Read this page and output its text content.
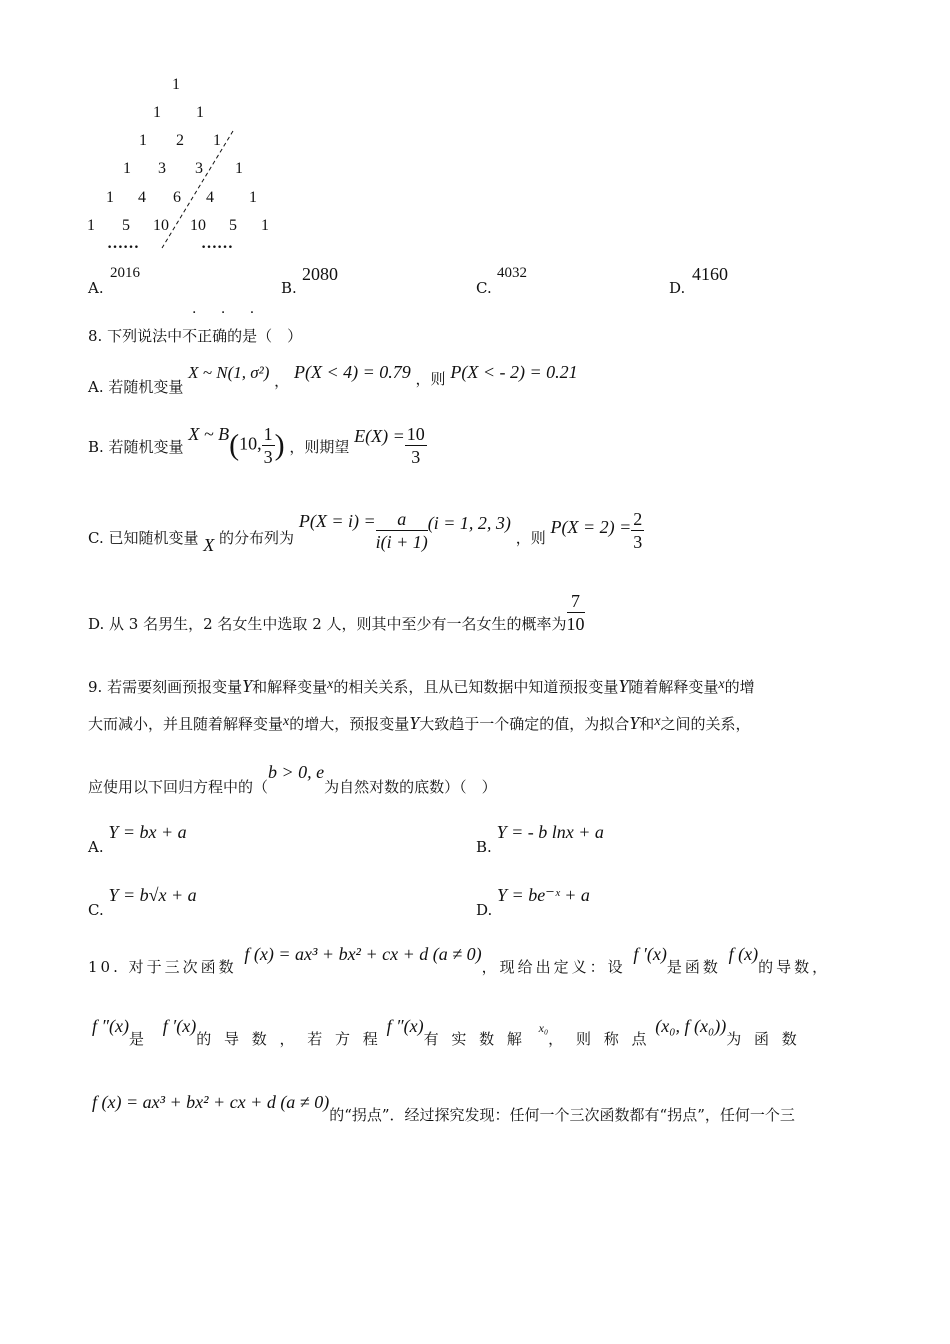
1
1 1
1 2 1
1 3 3 1
1 4 6 4 1
1 5 10 10 5 1
……	……
A.
2016
B.
2080
C.
4032
D.
4160
· · ·
8. 下列说法中不正确的是（　）
A. 若随机变量 X ~ N(1, σ²) ， P(X < 4) = 0.79 ，则 P(X < - 2) = 0.21
B. 若随机变量 X ~ B(10, $\frac{1}{3}$ ) ，则期望 $E(X) = \frac{10}{3}$
C. 已知随机变量 X 的分布列为 $P(X = i) = \frac{a}{i(i + 1)} (i = 1$, 2, 3) ，则 $P(X = 2) = \frac{2}{3}$
D. 从 3 名男生，2 名女生中选取 2 人，则其中至少有一名女生的概率为 $\frac{7}{10}$
9. 若需要刻画预报变量Y和解释变量x的相关关系，且从已知数据中知道预报变量Y随着解释变量x的增
大而减小，并且随着解释变量x的增大，预报变量Y大致趋于一个确定的值，为拟合Y和x之间的关系，
应使用以下回归方程中的（b > 0, e为自然对数的底数）（　）
A. Y = bx + a
B. Y = - b lnx + a
C. Y = b√x + a
D. Y = be⁻ˣ + a
10. 对于三次函数 f (x) = ax³ + bx² + cx + d (a ≠ 0)，现给出定义：设 f ′(x)是函数 f (x)的导数，
f ″(x)是 f ′(x)的 导 数 ， 若 方 程 f ″(x)有 实 数 解 x₀， 则 称 点 (x₀, f (x₀))为 函 数
f (x) = ax³ + bx² + cx + d (a ≠ 0)的“拐点”．经过探究发现：任何一个三次函数都有“拐点”，任何一个三
